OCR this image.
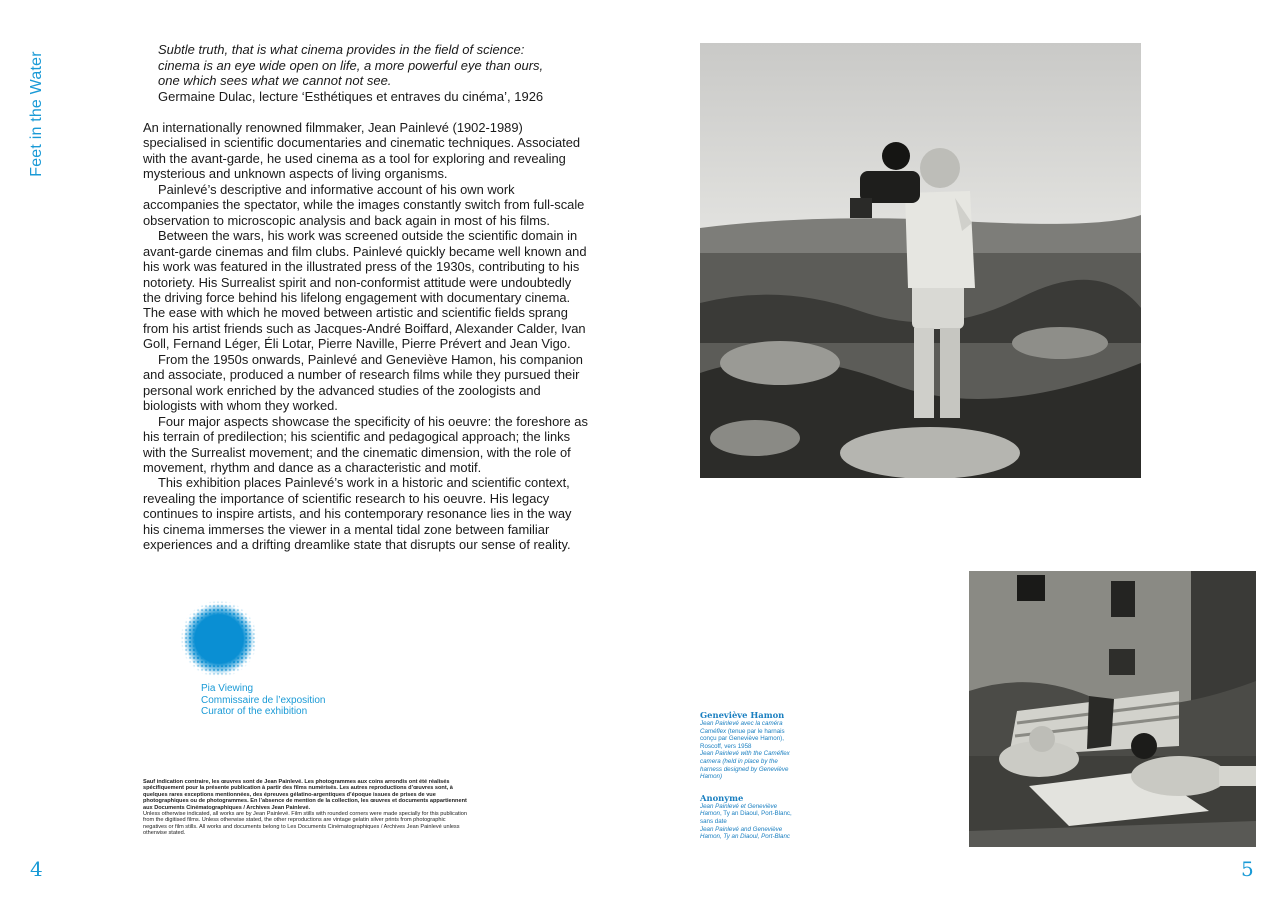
Feet in the Water
Subtle truth, that is what cinema provides in the field of science:
cinema is an eye wide open on life, a more powerful eye than ours,
one which sees what we cannot not see.
Germaine Dulac, lecture ‘Esthétiques et entraves du cinéma’, 1926

An internationally renowned filmmaker, Jean Painlevé (1902-1989) specialised in scientific documentaries and cinematic techniques. Associated with the avant-garde, he used cinema as a tool for exploring and revealing mysterious and unknown aspects of living organisms.

Painlevé’s descriptive and informative account of his own work accompanies the spectator, while the images constantly switch from full-scale observation to microscopic analysis and back again in most of his films.

Between the wars, his work was screened outside the scientific domain in avant-garde cinemas and film clubs. Painlevé quickly became well known and his work was featured in the illustrated press of the 1930s, contributing to his notoriety. His Surrealist spirit and non-conformist attitude were undoubtedly the driving force behind his lifelong engagement with documentary cinema. The ease with which he moved between artistic and scientific fields sprang from his artist friends such as Jacques-André Boiffard, Alexander Calder, Ivan Goll, Fernand Léger, Éli Lotar, Pierre Naville, Pierre Prévert and Jean Vigo.

From the 1950s onwards, Painlevé and Geneviève Hamon, his companion and associate, produced a number of research films while they pursued their personal work enriched by the advanced studies of the zoologists and biologists with whom they worked.

Four major aspects showcase the specificity of his oeuvre: the foreshore as his terrain of predilection; his scientific and pedagogical approach; the links with the Surrealist movement; and the cinematic dimension, with the role of movement, rhythm and dance as a characteristic and motif.

This exhibition places Painlevé’s work in a historic and scientific context, revealing the importance of scientific research to his oeuvre. His legacy continues to inspire artists, and his contemporary resonance lies in the way his cinema immerses the viewer in a mental tidal zone between familiar experiences and a drifting dreamlike state that disrupts our sense of reality.

Pia Viewing
Commissaire de l’exposition
Curator of the exhibition
Sauf indication contraire, les œuvres sont de Jean Painlevé. Les photogrammes aux coins arrondis ont été réalisés spécifiquement pour la présente publication à partir des films numérisés. Les autres reproductions d’œuvres sont, à quelques rares exceptions mentionnées, des épreuves gélatino-argentiques d’époque issues de prises de vue photographiques ou de photogrammes. En l’absence de mention de la collection, les œuvres et documents appartiennent aux Documents Cinématographiques / Archives Jean Painlevé.
Unless otherwise indicated, all works are by Jean Painlevé. Film stills with rounded corners were made specially for this publication from the digitised films. Unless otherwise stated, the other reproductions are vintage gelatin silver prints from photographic negatives or film stills. All works and documents belong to Les Documents Cinématographiques / Archives Jean Painlevé unless otherwise stated.
4	5
Geneviève Hamon
Jean Painlevé avec la caméra Caméflex (tenue par le harnais conçu par Geneviève Hamon), Roscoff, vers 1958
Jean Painlevé with the Caméflex camera (held in place by the harness designed by Geneviève Hamon)
Anonyme
Jean Painlevé et Geneviève Hamon, Ty an Diaoul, Port-Blanc, sans date
Jean Painlevé and Geneviève Hamon, Ty an Diaoul, Port-Blanc
